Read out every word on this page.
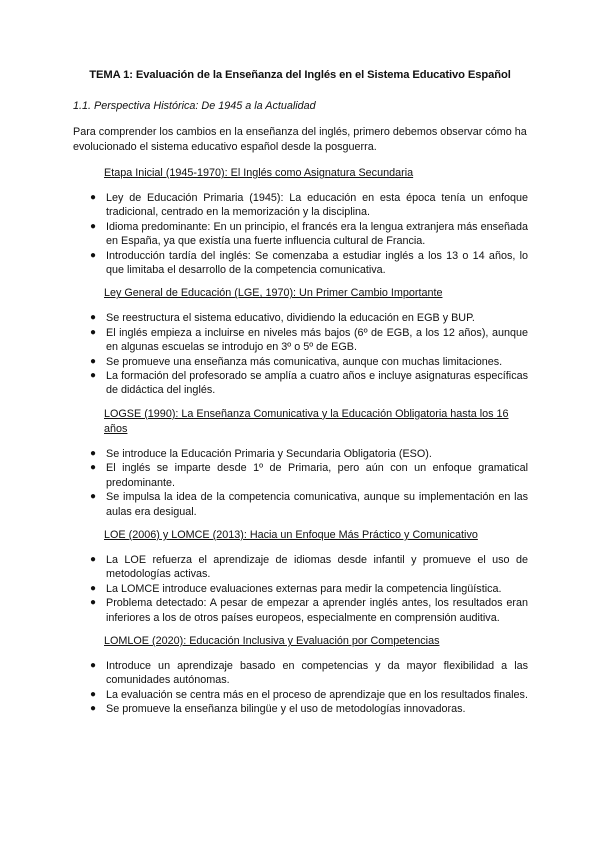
TEMA 1: Evaluación de la Enseñanza del Inglés en el Sistema Educativo Español
1.1. Perspectiva Histórica: De 1945 a la Actualidad
Para comprender los cambios en la enseñanza del inglés, primero debemos observar cómo ha evolucionado el sistema educativo español desde la posguerra.
Etapa Inicial (1945-1970): El Inglés como Asignatura Secundaria
● Ley de Educación Primaria (1945): La educación en esta época tenía un enfoque tradicional, centrado en la memorización y la disciplina.
● Idioma predominante: En un principio, el francés era la lengua extranjera más enseñada en España, ya que existía una fuerte influencia cultural de Francia.
● Introducción tardía del inglés: Se comenzaba a estudiar inglés a los 13 o 14 años, lo que limitaba el desarrollo de la competencia comunicativa.
Ley General de Educación (LGE, 1970): Un Primer Cambio Importante
● Se reestructura el sistema educativo, dividiendo la educación en EGB y BUP.
● El inglés empieza a incluirse en niveles más bajos (6º de EGB, a los 12 años), aunque en algunas escuelas se introdujo en 3º o 5º de EGB.
● Se promueve una enseñanza más comunicativa, aunque con muchas limitaciones.
● La formación del profesorado se amplía a cuatro años e incluye asignaturas específicas de didáctica del inglés.
LOGSE (1990): La Enseñanza Comunicativa y la Educación Obligatoria hasta los 16 años
● Se introduce la Educación Primaria y Secundaria Obligatoria (ESO).
● El inglés se imparte desde 1º de Primaria, pero aún con un enfoque gramatical predominante.
● Se impulsa la idea de la competencia comunicativa, aunque su implementación en las aulas era desigual.
LOE (2006) y LOMCE (2013): Hacia un Enfoque Más Práctico y Comunicativo
● La LOE refuerza el aprendizaje de idiomas desde infantil y promueve el uso de metodologías activas.
● La LOMCE introduce evaluaciones externas para medir la competencia lingüística.
● Problema detectado: A pesar de empezar a aprender inglés antes, los resultados eran inferiores a los de otros países europeos, especialmente en comprensión auditiva.
LOMLOE (2020): Educación Inclusiva y Evaluación por Competencias
● Introduce un aprendizaje basado en competencias y da mayor flexibilidad a las comunidades autónomas.
● La evaluación se centra más en el proceso de aprendizaje que en los resultados finales.
● Se promueve la enseñanza bilingüe y el uso de metodologías innovadoras.
